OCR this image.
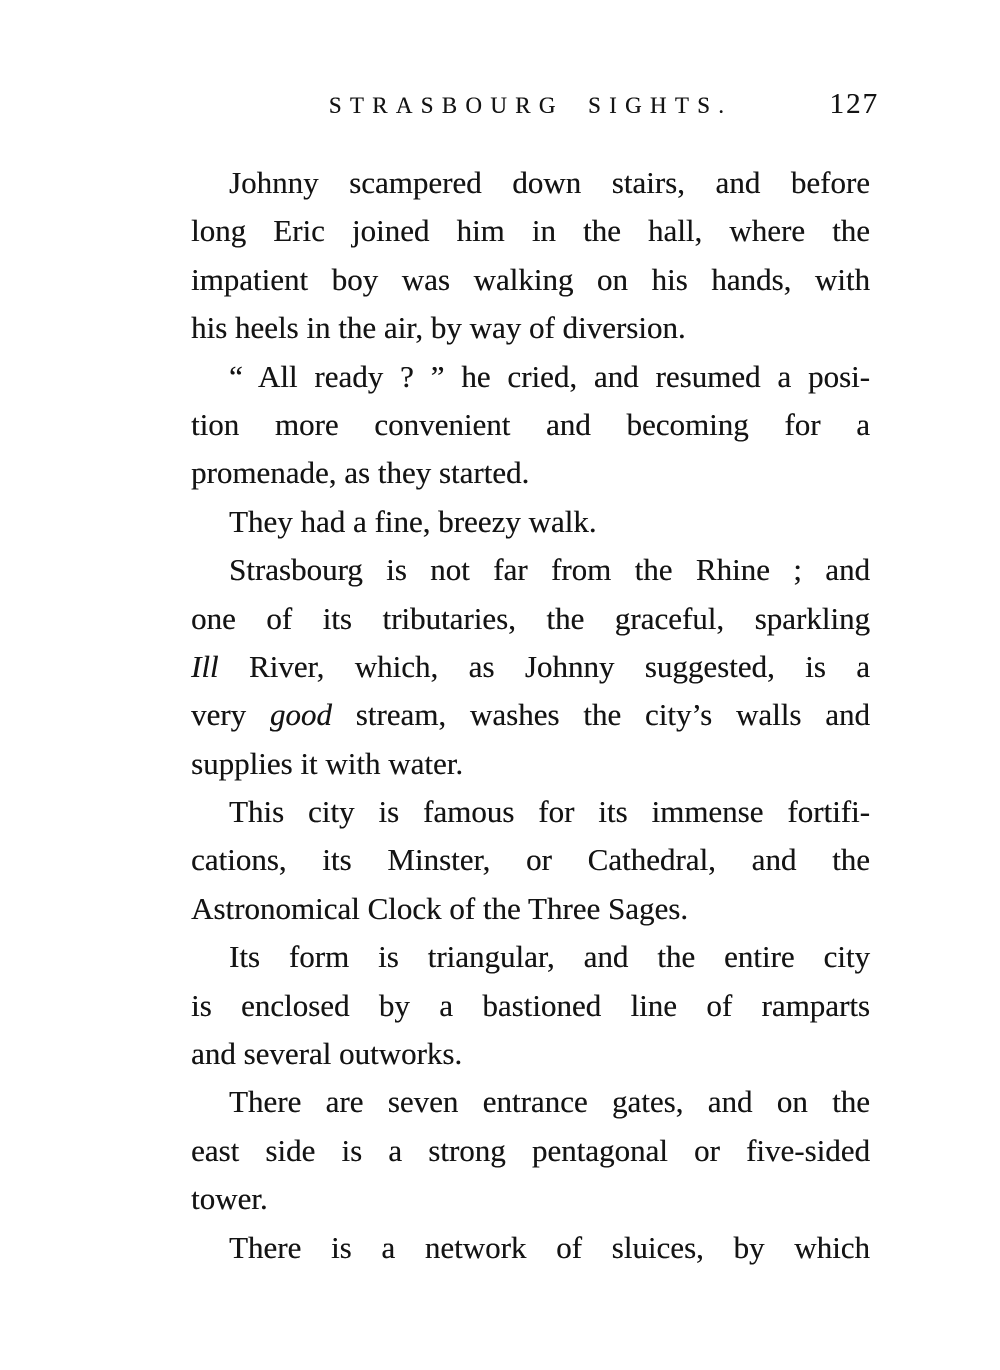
STRASBOURG SIGHTS.	127
Johnny scampered down stairs, and before
long Eric joined him in the hall, where the
impatient boy was walking on his hands, with
his heels in the air, by way of diversion.
“ All ready ? ” he cried, and resumed a posi-
tion more convenient and becoming for a
promenade, as they started.
They had a fine, breezy walk.
Strasbourg is not far from the Rhine ; and
one of its tributaries, the graceful, sparkling
Ill River, which, as Johnny suggested, is a
very good stream, washes the city’s walls and
supplies it with water.
This city is famous for its immense fortifi-
cations, its Minster, or Cathedral, and the
Astronomical Clock of the Three Sages.
Its form is triangular, and the entire city
is enclosed by a bastioned line of ramparts
and several outworks.
There are seven entrance gates, and on the
east side is a strong pentagonal or five-sided
tower.
There is a network of sluices, by which
